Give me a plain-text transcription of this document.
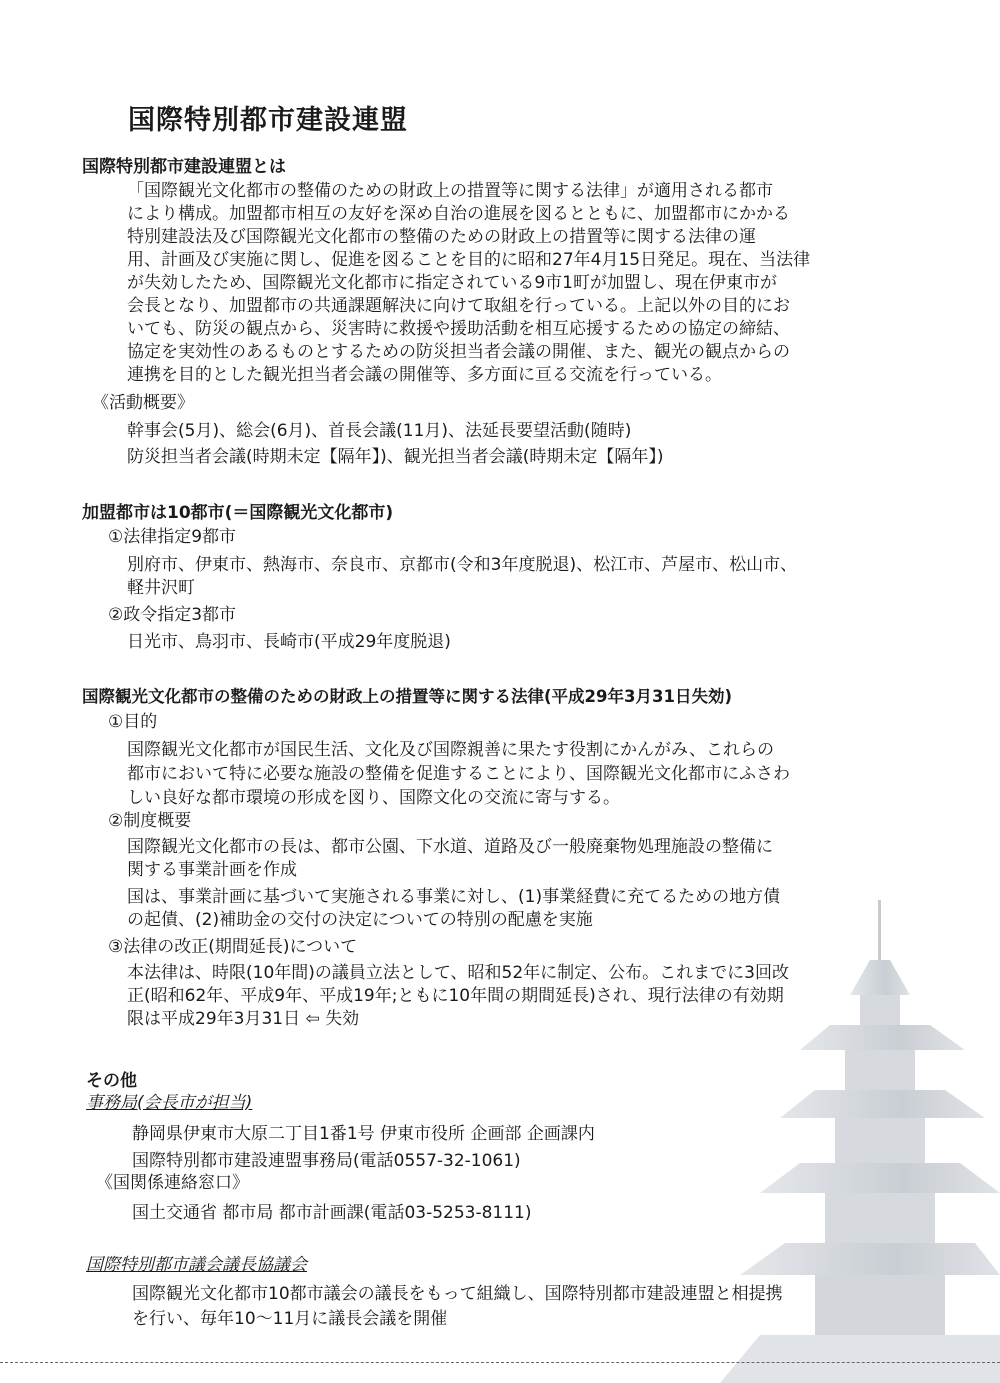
国際特別都市建設連盟
国際特別都市建設連盟とは
「国際観光文化都市の整備のための財政上の措置等に関する法律」が適用される都市
により構成。加盟都市相互の友好を深め自治の進展を図るとともに、加盟都市にかかる
特別建設法及び国際観光文化都市の整備のための財政上の措置等に関する法律の運
用、計画及び実施に関し、促進を図ることを目的に昭和27年4月15日発足。現在、当法律
が失効したため、国際観光文化都市に指定されている9市1町が加盟し、現在伊東市が
会長となり、加盟都市の共通課題解決に向けて取組を行っている。上記以外の目的にお
いても、防災の観点から、災害時に救援や援助活動を相互応援するための協定の締結、
協定を実効性のあるものとするための防災担当者会議の開催、また、観光の観点からの
連携を目的とした観光担当者会議の開催等、多方面に亘る交流を行っている。
《活動概要》
幹事会(5月)、総会(6月)、首長会議(11月)、法延長要望活動(随時)
防災担当者会議(時期未定【隔年】)、観光担当者会議(時期未定【隔年】)
加盟都市は10都市(＝国際観光文化都市)
①法律指定9都市
別府市、伊東市、熱海市、奈良市、京都市(令和3年度脱退)、松江市、芦屋市、松山市、
軽井沢町
②政令指定3都市
日光市、鳥羽市、長崎市(平成29年度脱退)
国際観光文化都市の整備のための財政上の措置等に関する法律(平成29年3月31日失効)
①目的
国際観光文化都市が国民生活、文化及び国際親善に果たす役割にかんがみ、これらの
都市において特に必要な施設の整備を促進することにより、国際観光文化都市にふさわ
しい良好な都市環境の形成を図り、国際文化の交流に寄与する。
②制度概要
国際観光文化都市の長は、都市公園、下水道、道路及び一般廃棄物処理施設の整備に
関する事業計画を作成
国は、事業計画に基づいて実施される事業に対し、(1)事業経費に充てるための地方債
の起債、(2)補助金の交付の決定についての特別の配慮を実施
③法律の改正(期間延長)について
本法律は、時限(10年間)の議員立法として、昭和52年に制定、公布。これまでに3回改
正(昭和62年、平成9年、平成19年;ともに10年間の期間延長)され、現行法律の有効期
限は平成29年3月31日 ⇦ 失効
その他
事務局(会長市が担当)
静岡県伊東市大原二丁目1番1号 伊東市役所 企画部 企画課内
国際特別都市建設連盟事務局(電話0557-32-1061)
《国関係連絡窓口》
国土交通省 都市局 都市計画課(電話03-5253-8111)
国際特別都市議会議長協議会
国際観光文化都市10都市議会の議長をもって組織し、国際特別都市建設連盟と相提携
を行い、毎年10～11月に議長会議を開催
